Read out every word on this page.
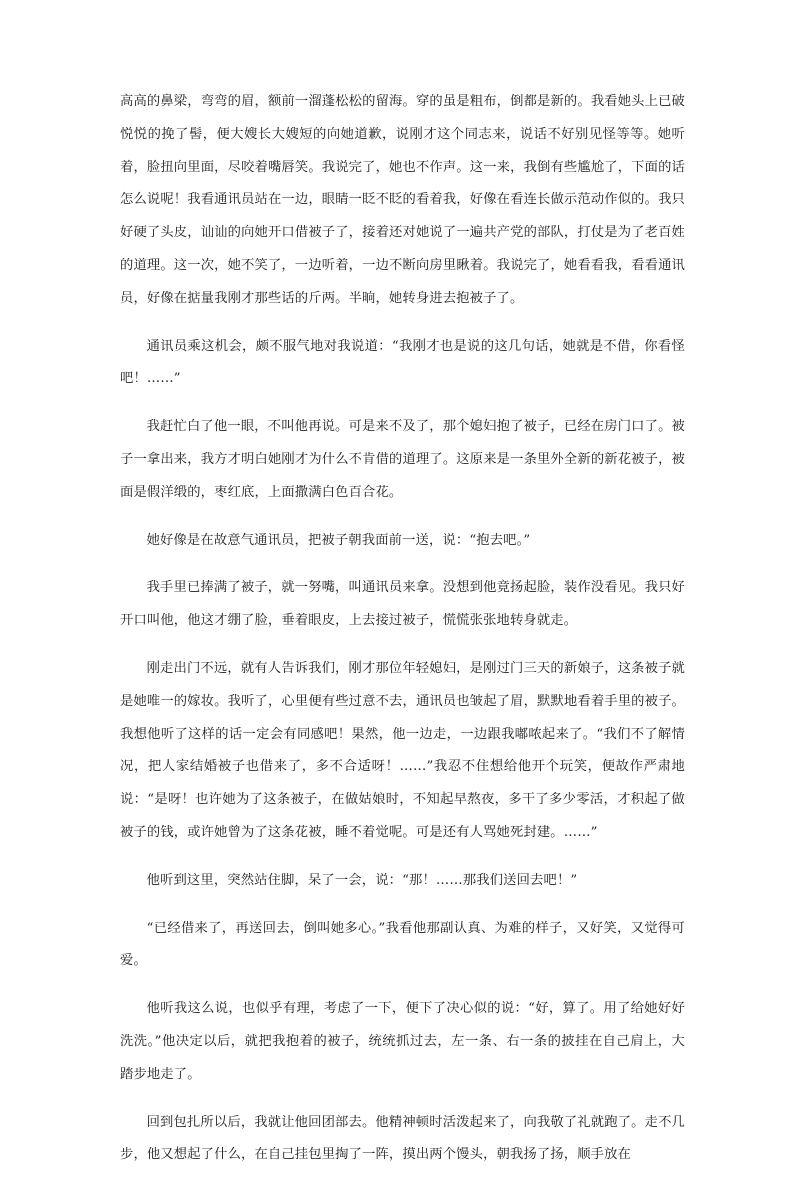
高高的鼻梁，弯弯的眉，额前一溜蓬松松的留海。穿的虽是粗布，倒都是新的。我看她头上已破悦悦的挽了髻，便大嫂长大嫂短的向她道歉，说刚才这个同志来，说话不好别见怪等等。她听着，脸扭向里面，尽咬着嘴唇笑。我说完了，她也不作声。这一来，我倒有些尴尬了，下面的话怎么说呢！我看通讯员站在一边，眼睛一眨不眨的看着我，好像在看连长做示范动作似的。我只好硬了头皮，讪讪的向她开口借被子了，接着还对她说了一遍共产党的部队，打仗是为了老百姓的道理。这一次，她不笑了，一边听着，一边不断向房里瞅着。我说完了，她看看我，看看通讯员，好像在掂量我刚才那些话的斤两。半晌，她转身进去抱被子了。

通讯员乘这机会，颇不服气地对我说道：“我刚才也是说的这几句话，她就是不借，你看怪吧！……”

我赶忙白了他一眼，不叫他再说。可是来不及了，那个媳妇抱了被子，已经在房门口了。被子一拿出来，我方才明白她刚才为什么不肯借的道理了。这原来是一条里外全新的新花被子，被面是假洋缎的，枣红底，上面撒满白色百合花。

她好像是在故意气通讯员，把被子朝我面前一送，说：“抱去吧。”

我手里已捧满了被子，就一努嘴，叫通讯员来拿。没想到他竟扬起脸，装作没看见。我只好开口叫他，他这才绷了脸，垂着眼皮，上去接过被子，慌慌张张地转身就走。

刚走出门不远，就有人告诉我们，刚才那位年轻媳妇，是刚过门三天的新娘子，这条被子就是她唯一的嫁妆。我听了，心里便有些过意不去，通讯员也皱起了眉，默默地看着手里的被子。我想他听了这样的话一定会有同感吧！果然，他一边走，一边跟我嘟哝起来了。“我们不了解情况，把人家结婚被子也借来了，多不合适呀！……”我忍不住想给他开个玩笑，便故作严肃地说：“是呀！也许她为了这条被子，在做姑娘时，不知起早熬夜，多干了多少零活，才积起了做被子的钱，或许她曾为了这条花被，睡不着觉呢。可是还有人骂她死封建。……”

他听到这里，突然站住脚，呆了一会，说：“那！……那我们送回去吧！”

“已经借来了，再送回去，倒叫她多心。”我看他那副认真、为难的样子，又好笑，又觉得可爱。

他听我这么说，也似乎有理，考虑了一下，便下了决心似的说：“好，算了。用了给她好好洗洗。”他决定以后，就把我抱着的被子，统统抓过去，左一条、右一条的披挂在自己肩上，大踏步地走了。

回到包扎所以后，我就让他回团部去。他精神顿时活泼起来了，向我敬了礼就跑了。走不几步，他又想起了什么，在自己挂包里掏了一阵，摸出两个馒头，朝我扬了扬，顺手放在
